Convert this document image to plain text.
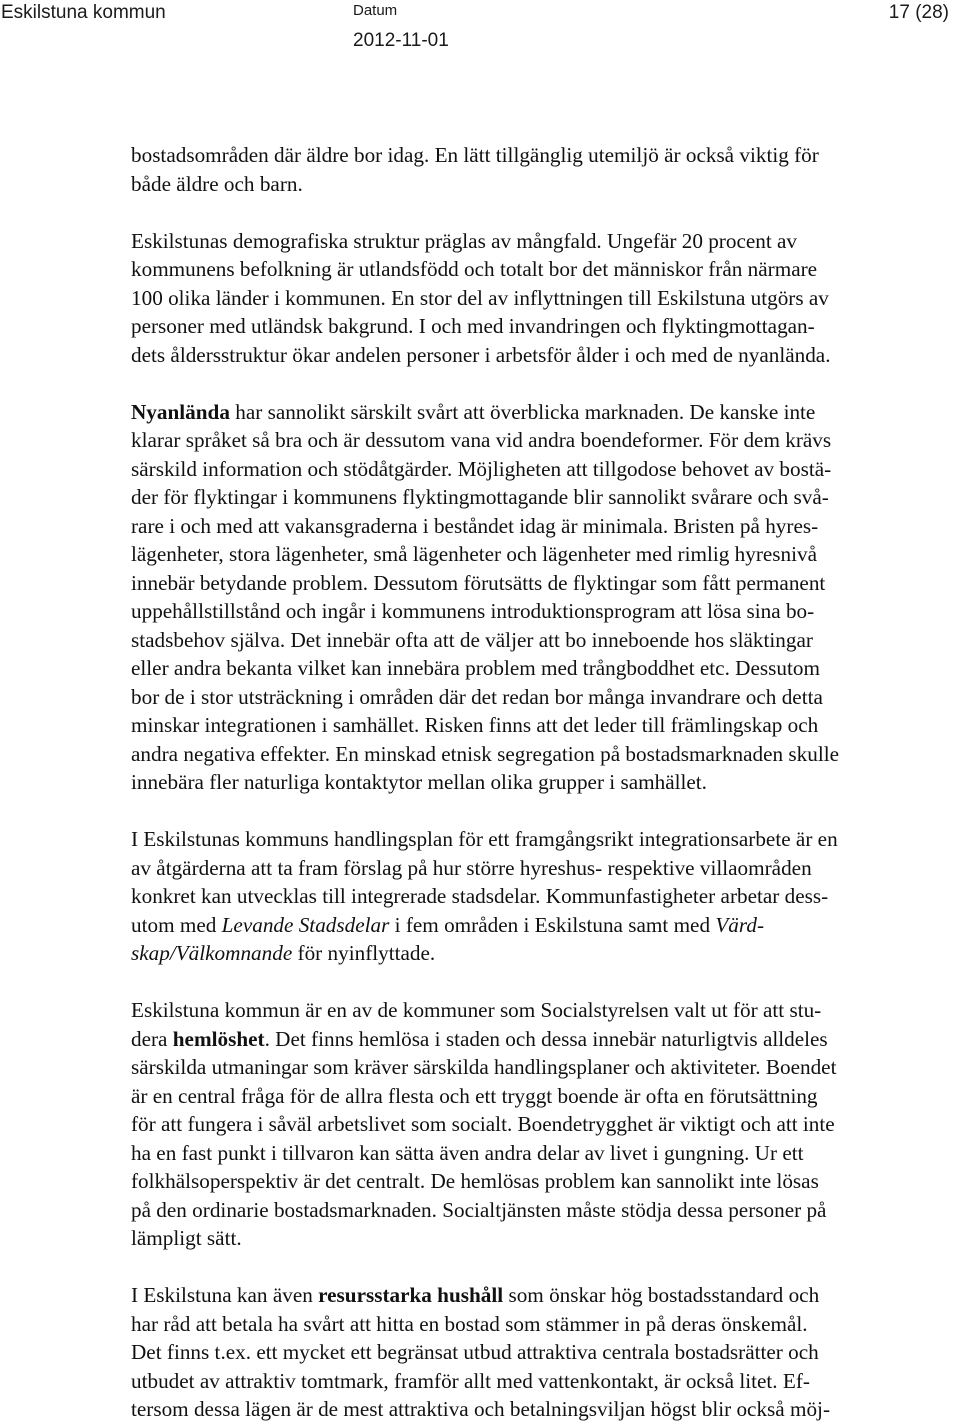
Eskilstuna kommun	Datum
2012-11-01
17 (28)

bostadsområden där äldre bor idag. En lätt tillgänglig utemiljö är också viktig för
både äldre och barn.

Eskilstunas demografiska struktur präglas av mångfald. Ungefär 20 procent av
kommunens befolkning är utlandsfödd och totalt bor det människor från närmare
100 olika länder i kommunen. En stor del av inflyttningen till Eskilstuna utgörs av
personer med utländsk bakgrund. I och med invandringen och flyktingmottagan-
dets åldersstruktur ökar andelen personer i arbetsför ålder i och med de nyanlända.

Nyanlända har sannolikt särskilt svårt att överblicka marknaden. De kanske inte
klarar språket så bra och är dessutom vana vid andra boendeformer. För dem krävs
särskild information och stödåtgärder. Möjligheten att tillgodose behovet av bostä-
der för flyktingar i kommunens flyktingmottagande blir sannolikt svårare och svå-
rare i och med att vakansgraderna i beståndet idag är minimala. Bristen på hyres-
lägenheter, stora lägenheter, små lägenheter och lägenheter med rimlig hyresnivå
innebär betydande problem. Dessutom förutsätts de flyktingar som fått permanent
uppehållstillstånd och ingår i kommunens introduktionsprogram att lösa sina bo-
stadsbehov själva. Det innebär ofta att de väljer att bo inneboende hos släktingar
eller andra bekanta vilket kan innebära problem med trångboddhet etc. Dessutom
bor de i stor utsträckning i områden där det redan bor många invandrare och detta
minskar integrationen i samhället. Risken finns att det leder till främlingskap och
andra negativa effekter. En minskad etnisk segregation på bostadsmarknaden skulle
innebära fler naturliga kontaktytor mellan olika grupper i samhället.

I Eskilstunas kommuns handlingsplan för ett framgångsrikt integrationsarbete är en
av åtgärderna att ta fram förslag på hur större hyreshus- respektive villaområden
konkret kan utvecklas till integrerade stadsdelar. Kommunfastigheter arbetar dess-
utom med Levande Stadsdelar i fem områden i Eskilstuna samt med Värd-
skap/Välkomnande för nyinflyttade.

Eskilstuna kommun är en av de kommuner som Socialstyrelsen valt ut för att stu-
dera hemlöshet. Det finns hemlösa i staden och dessa innebär naturligtvis alldeles
särskilda utmaningar som kräver särskilda handlingsplaner och aktiviteter. Boendet
är en central fråga för de allra flesta och ett tryggt boende är ofta en förutsättning
för att fungera i såväl arbetslivet som socialt. Boendetrygghet är viktigt och att inte
ha en fast punkt i tillvaron kan sätta även andra delar av livet i gungning. Ur ett
folkhälsoperspektiv är det centralt. De hemlösas problem kan sannolikt inte lösas
på den ordinarie bostadsmarknaden. Socialtjänsten måste stödja dessa personer på
lämpligt sätt.

I Eskilstuna kan även resursstarka hushåll som önskar hög bostadsstandard och
har råd att betala ha svårt att hitta en bostad som stämmer in på deras önskemål.
Det finns t.ex. ett mycket ett begränsat utbud attraktiva centrala bostadsrätter och
utbudet av attraktiv tomtmark, framför allt med vattenkontakt, är också litet. Ef-
tersom dessa lägen är de mest attraktiva och betalningsviljan högst blir också möj-
